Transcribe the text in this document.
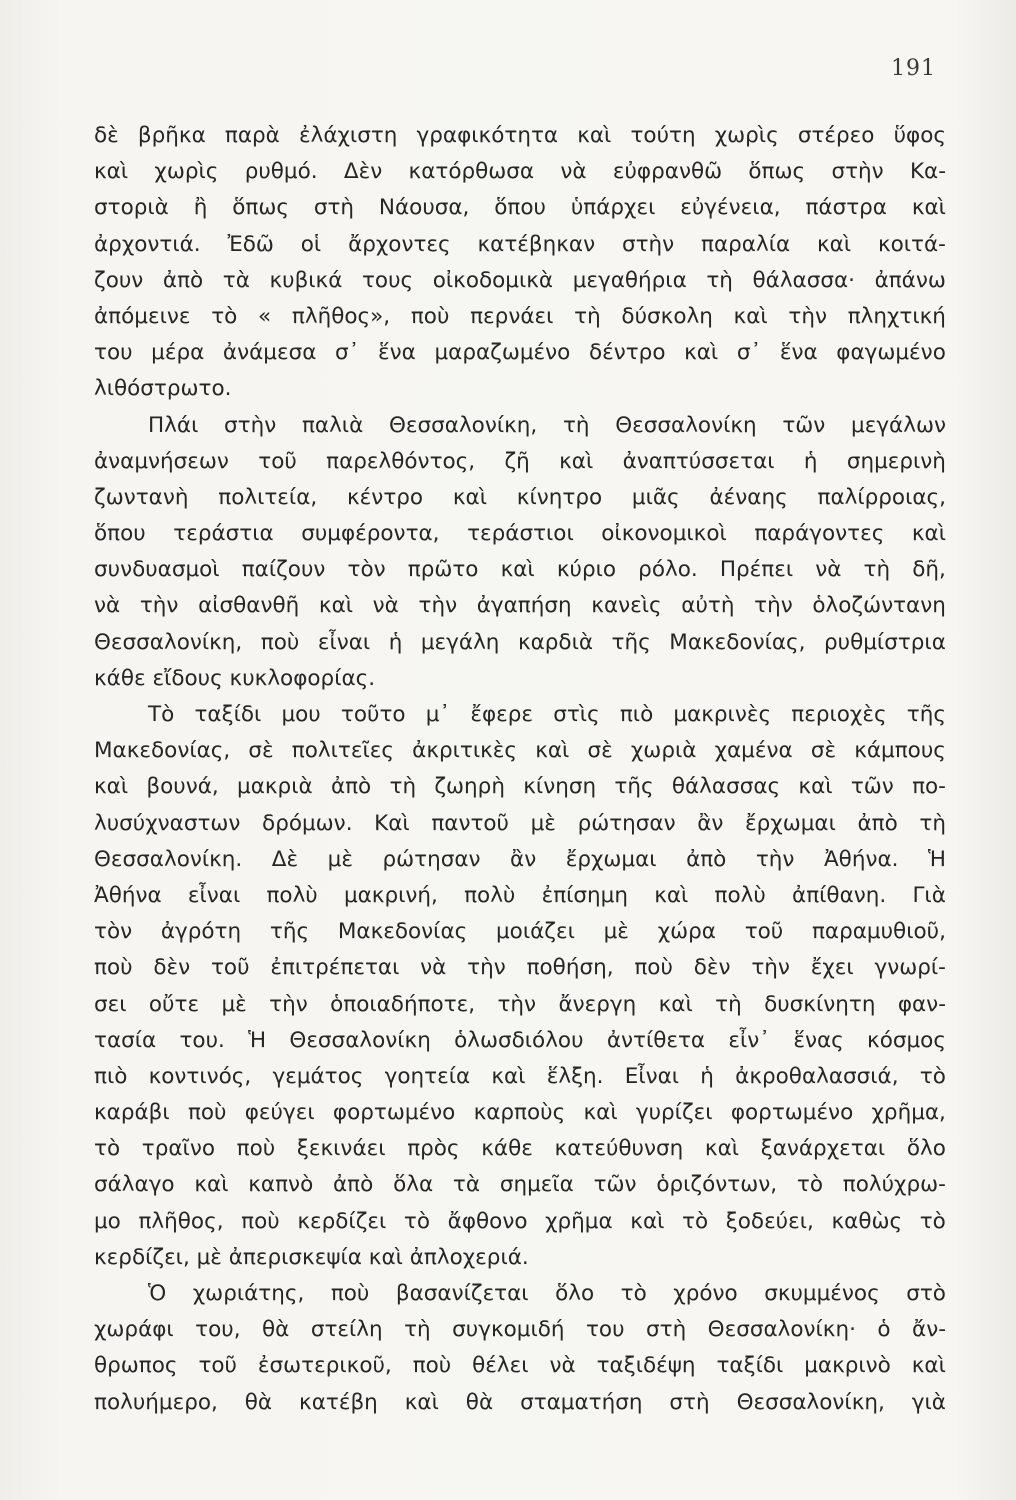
191
δὲ βρῆκα παρὰ ἐλάχιστη γραφικότητα καὶ τούτη χωρὶς στέρεο ὕφος
καὶ χωρὶς ρυθμό. Δὲν κατόρθωσα νὰ εὐφρανθῶ ὅπως στὴν Κα-
στοριὰ ἢ ὅπως στὴ Νάουσα, ὅπου ὑπάρχει εὐγένεια, πάστρα καὶ
ἀρχοντιά. Ἐδῶ οἱ ἄρχοντες κατέβηκαν στὴν παραλία καὶ κοιτά-
ζουν ἀπὸ τὰ κυβικά τους οἰκοδομικὰ μεγαθήρια τὴ θάλασσα· ἀπάνω
ἀπόμεινε τὸ « πλῆθος», ποὺ περνάει τὴ δύσκολη καὶ τὴν πληχτική
του μέρα ἀνάμεσα σ᾽ ἕνα μαραζωμένο δέντρο καὶ σ᾽ ἕνα φαγωμένο
λιθόστρωτο.
Πλάι στὴν παλιὰ Θεσσαλονίκη, τὴ Θεσσαλονίκη τῶν μεγάλων
ἀναμνήσεων τοῦ παρελθόντος, ζῆ καὶ ἀναπτύσσεται ἡ σημερινὴ
ζωντανὴ πολιτεία, κέντρο καὶ κίνητρο μιᾶς ἀέναης παλίρροιας,
ὅπου τεράστια συμφέροντα, τεράστιοι οἰκονομικοὶ παράγοντες καὶ
συνδυασμοὶ παίζουν τὸν πρῶτο καὶ κύριο ρόλο. Πρέπει νὰ τὴ δῆ,
νὰ τὴν αἰσθανθῆ καὶ νὰ τὴν ἀγαπήση κανεὶς αὐτὴ τὴν ὁλοζώντανη
Θεσσαλονίκη, ποὺ εἶναι ἡ μεγάλη καρδιὰ τῆς Μακεδονίας, ρυθμίστρια
κάθε εἴδους κυκλοφορίας.
Τὸ ταξίδι μου τοῦτο μ᾽ ἔφερε στὶς πιὸ μακρινὲς περιοχὲς τῆς
Μακεδονίας, σὲ πολιτεῖες ἀκριτικὲς καὶ σὲ χωριὰ χαμένα σὲ κάμπους
καὶ βουνά, μακριὰ ἀπὸ τὴ ζωηρὴ κίνηση τῆς θάλασσας καὶ τῶν πο-
λυσύχναστων δρόμων. Καὶ παντοῦ μὲ ρώτησαν ἂν ἔρχωμαι ἀπὸ τὴ
Θεσσαλονίκη. Δὲ μὲ ρώτησαν ἂν ἔρχωμαι ἀπὸ τὴν Ἀθήνα. Ἡ
Ἀθήνα εἶναι πολὺ μακρινή, πολὺ ἐπίσημη καὶ πολὺ ἀπίθανη. Γιὰ
τὸν ἀγρότη τῆς Μακεδονίας μοιάζει μὲ χώρα τοῦ παραμυθιοῦ,
ποὺ δὲν τοῦ ἐπιτρέπεται νὰ τὴν ποθήση, ποὺ δὲν τὴν ἔχει γνωρί-
σει οὔτε μὲ τὴν ὁποιαδήποτε, τὴν ἄνεργη καὶ τὴ δυσκίνητη φαν-
τασία του. Ἡ Θεσσαλονίκη ὁλωσδιόλου ἀντίθετα εἶν᾽ ἕνας κόσμος
πιὸ κοντινός, γεμάτος γοητεία καὶ ἕλξη. Εἶναι ἡ ἀκροθαλασσιά, τὸ
καράβι ποὺ φεύγει φορτωμένο καρποὺς καὶ γυρίζει φορτωμένο χρῆμα,
τὸ τραῖνο ποὺ ξεκινάει πρὸς κάθε κατεύθυνση καὶ ξανάρχεται ὅλο
σάλαγο καὶ καπνὸ ἀπὸ ὅλα τὰ σημεῖα τῶν ὁριζόντων, τὸ πολύχρω-
μο πλῆθος, ποὺ κερδίζει τὸ ἄφθονο χρῆμα καὶ τὸ ξοδεύει, καθὼς τὸ
κερδίζει, μὲ ἀπερισκεψία καὶ ἀπλοχεριά.
Ὁ χωριάτης, ποὺ βασανίζεται ὅλο τὸ χρόνο σκυμμένος στὸ
χωράφι του, θὰ στείλη τὴ συγκομιδή του στὴ Θεσσαλονίκη· ὁ ἄν-
θρωπος τοῦ ἐσωτερικοῦ, ποὺ θέλει νὰ ταξιδέψη ταξίδι μακρινὸ καὶ
πολυήμερο, θὰ κατέβη καὶ θὰ σταματήση στὴ Θεσσαλονίκη, γιὰ
